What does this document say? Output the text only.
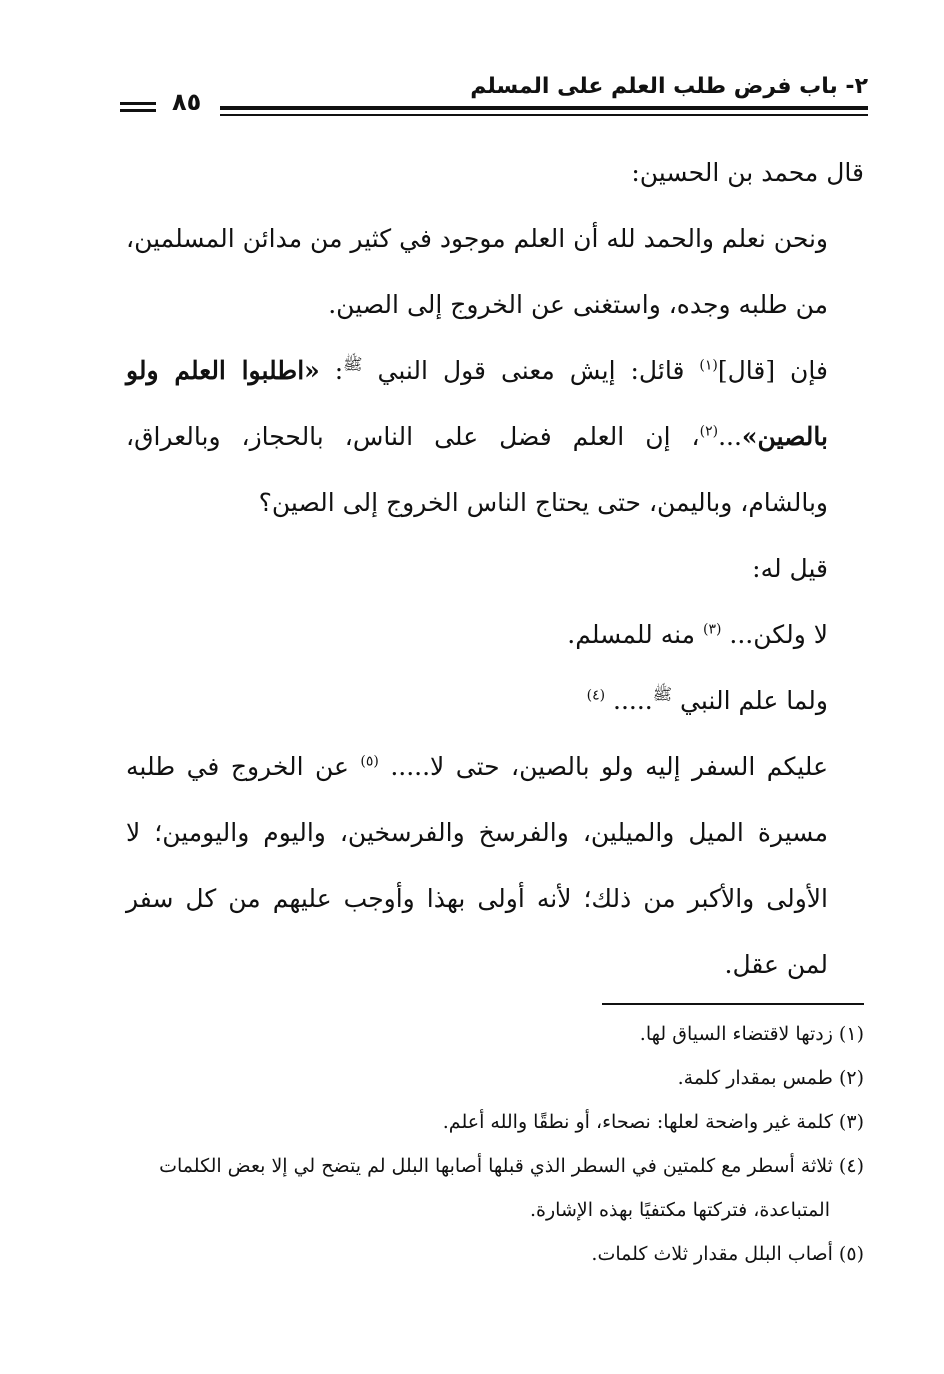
٢- باب فرض طلب العلم على المسلم
٨٥

قال محمد بن الحسين:

ونحن نعلم والحمد لله أن العلم موجود في كثير من مدائن المسلمين، من طلبه وجده، واستغنى عن الخروج إلى الصين.

فإن [قال]$^{(١)}$ قائل: إيش معنى قول النبي $^ﷺ$: «اطلبوا العلم ولو بالصين»...$^{(٢)}$، إن العلم فضل على الناس، بالحجاز، وبالعراق، وبالشام، وباليمن، حتى يحتاج الناس الخروج إلى الصين؟

قيل له:

لا ولكن... $^{(٣)}$ منه للمسلم.

ولما علم النبي $^ﷺ$..... $^{(٤)}$

عليكم السفر إليه ولو بالصين، حتى لا..... $^{(٥)}$ عن الخروج في طلبه مسيرة الميل والميلين، والفرسخ والفرسخين، واليوم واليومين؛ لا الأولى والأكبر من ذلك؛ لأنه أولى بهذا وأوجب عليهم من كل سفر لمن عقل.

(١) زدتها لاقتضاء السياق لها.

(٢) طمس بمقدار كلمة.

(٣) كلمة غير واضحة لعلها: نصحاء، أو نطقًا والله أعلم.

(٤) ثلاثة أسطر مع كلمتين في السطر الذي قبلها أصابها البلل لم يتضح لي إلا بعض الكلمات

المتباعدة، فتركتها مكتفيًا بهذه الإشارة.

(٥) أصاب البلل مقدار ثلاث كلمات.
